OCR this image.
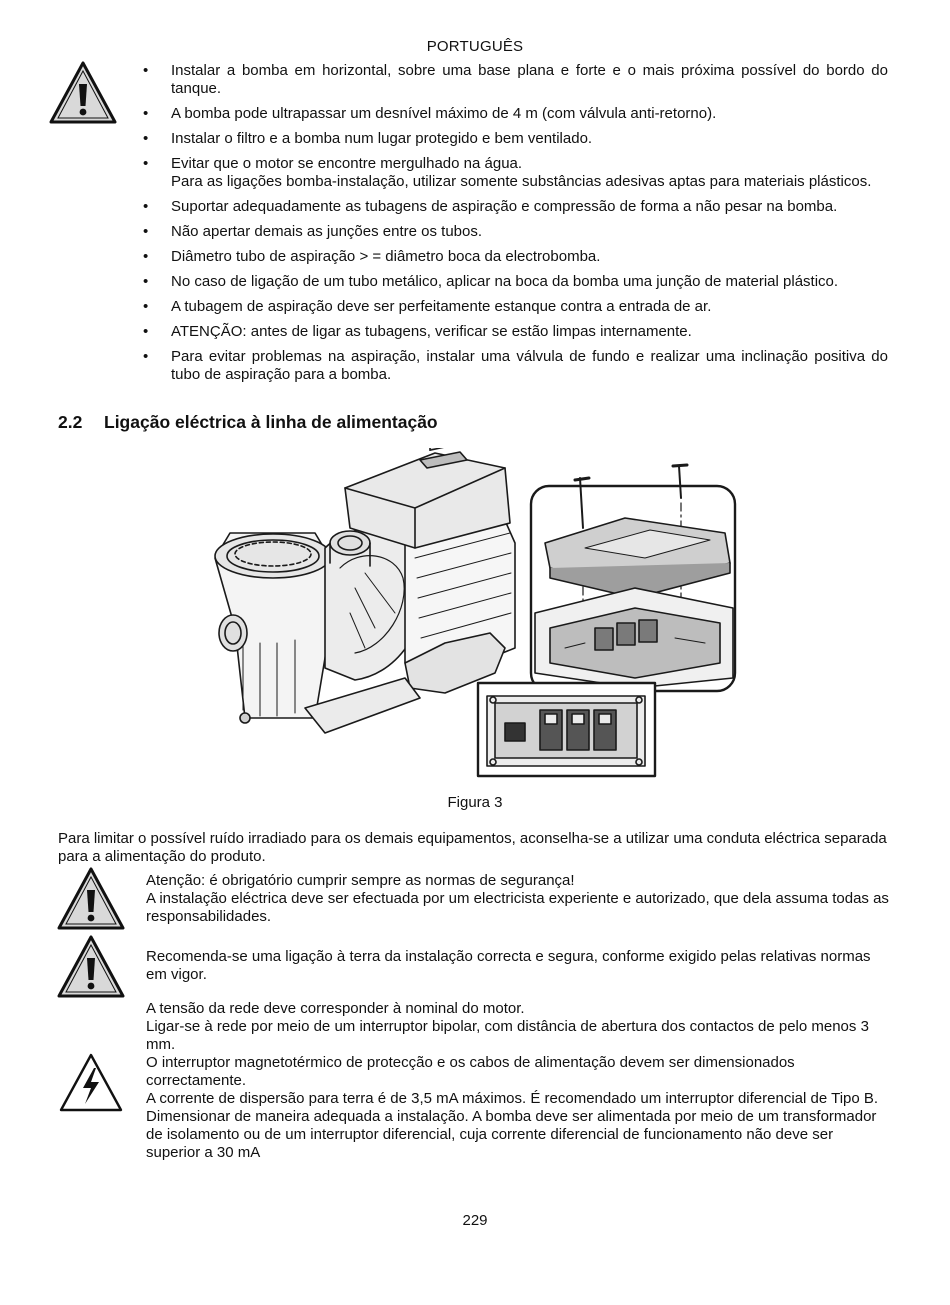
PORTUGUÊS
• Instalar a bomba em horizontal, sobre uma base plana e forte e o mais próxima possível do bordo do tanque.
• A bomba pode ultrapassar um desnível máximo de 4 m (com válvula anti-retorno).
• Instalar o filtro e a bomba num lugar protegido e bem ventilado.
• Evitar que o motor se encontre mergulhado na água.
Para as ligações bomba-instalação, utilizar somente substâncias adesivas aptas para materiais plásticos.
• Suportar adequadamente as tubagens de aspiração e compressão de forma a não pesar na bomba.
• Não apertar demais as junções entre os tubos.
• Diâmetro tubo de aspiração > = diâmetro boca da electrobomba.
• No caso de ligação de um tubo metálico, aplicar na boca da bomba uma junção de material plástico.
• A tubagem de aspiração deve ser perfeitamente estanque contra a entrada de ar.
• ATENÇÃO: antes de ligar as tubagens, verificar se estão limpas internamente.
• Para evitar problemas na aspiração, instalar uma válvula de fundo e realizar uma inclinação positiva do tubo de aspiração para a bomba.
2.2 Ligação eléctrica à linha de alimentação
Figura 3
Para limitar o possível ruído irradiado para os demais equipamentos, aconselha-se a utilizar uma conduta eléctrica separada para a alimentação do produto.

Atenção: é obrigatório cumprir sempre as normas de segurança!

A instalação eléctrica deve ser efectuada por um electricista experiente e autorizado, que dela assuma todas as responsabilidades.

Recomenda-se uma ligação à terra da instalação correcta e segura, conforme exigido pelas relativas normas em vigor.

A tensão da rede deve corresponder à nominal do motor.

Ligar-se à rede por meio de um interruptor bipolar, com distância de abertura dos contactos de pelo menos 3 mm.

O interruptor magnetotérmico de protecção e os cabos de alimentação devem ser dimensionados correctamente.

A corrente de dispersão para terra é de 3,5 mA máximos. É recomendado um interruptor diferencial de Tipo B. Dimensionar de maneira adequada a instalação. A bomba deve ser alimentada por meio de um transformador de isolamento ou de um interruptor diferencial, cuja corrente diferencial de funcionamento não deve ser superior a 30 mA

229
